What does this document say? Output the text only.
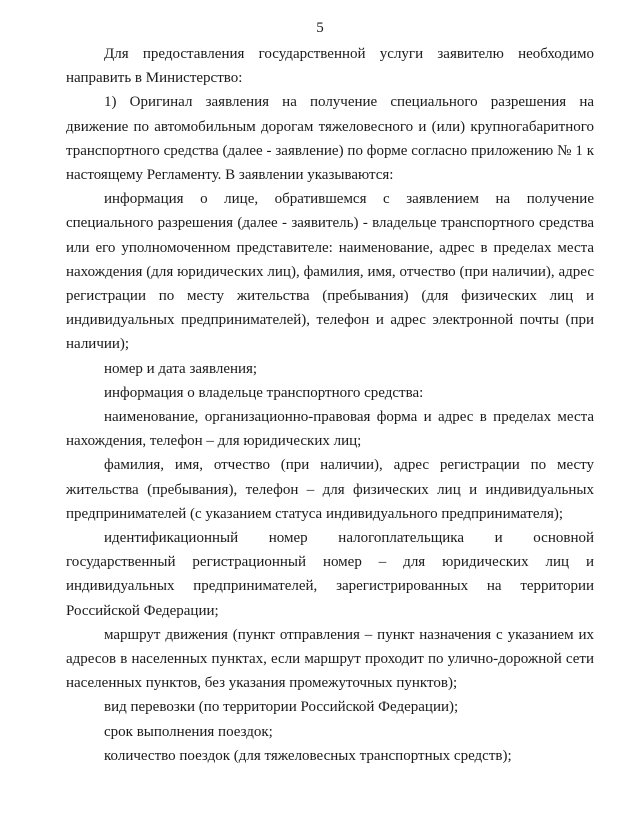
5

Для предоставления государственной услуги заявителю необходимо направить в Министерство:

1) Оригинал заявления на получение специального разрешения на движение по автомобильным дорогам тяжеловесного и (или) крупногабаритного транспортного средства (далее - заявление) по форме согласно приложению № 1 к настоящему Регламенту. В заявлении указываются:

информация о лице, обратившемся с заявлением на получение специального разрешения (далее - заявитель) - владельце транспортного средства или его уполномоченном представителе: наименование, адрес в пределах места нахождения (для юридических лиц), фамилия, имя, отчество (при наличии), адрес регистрации по месту жительства (пребывания) (для физических лиц и индивидуальных предпринимателей), телефон и адрес электронной почты (при наличии);

номер и дата заявления;

информация о владельце транспортного средства:

наименование, организационно-правовая форма и адрес в пределах места нахождения, телефон – для юридических лиц;

фамилия, имя, отчество (при наличии), адрес регистрации по месту жительства (пребывания), телефон – для физических лиц и индивидуальных предпринимателей (с указанием статуса индивидуального предпринимателя);

идентификационный номер налогоплательщика и основной государственный регистрационный номер – для юридических лиц и индивидуальных предпринимателей, зарегистрированных на территории Российской Федерации;

маршрут движения (пункт отправления – пункт назначения с указанием их адресов в населенных пунктах, если маршрут проходит по улично-дорожной сети населенных пунктов, без указания промежуточных пунктов);

вид перевозки (по территории Российской Федерации);

срок выполнения поездок;

количество поездок (для тяжеловесных транспортных средств);
